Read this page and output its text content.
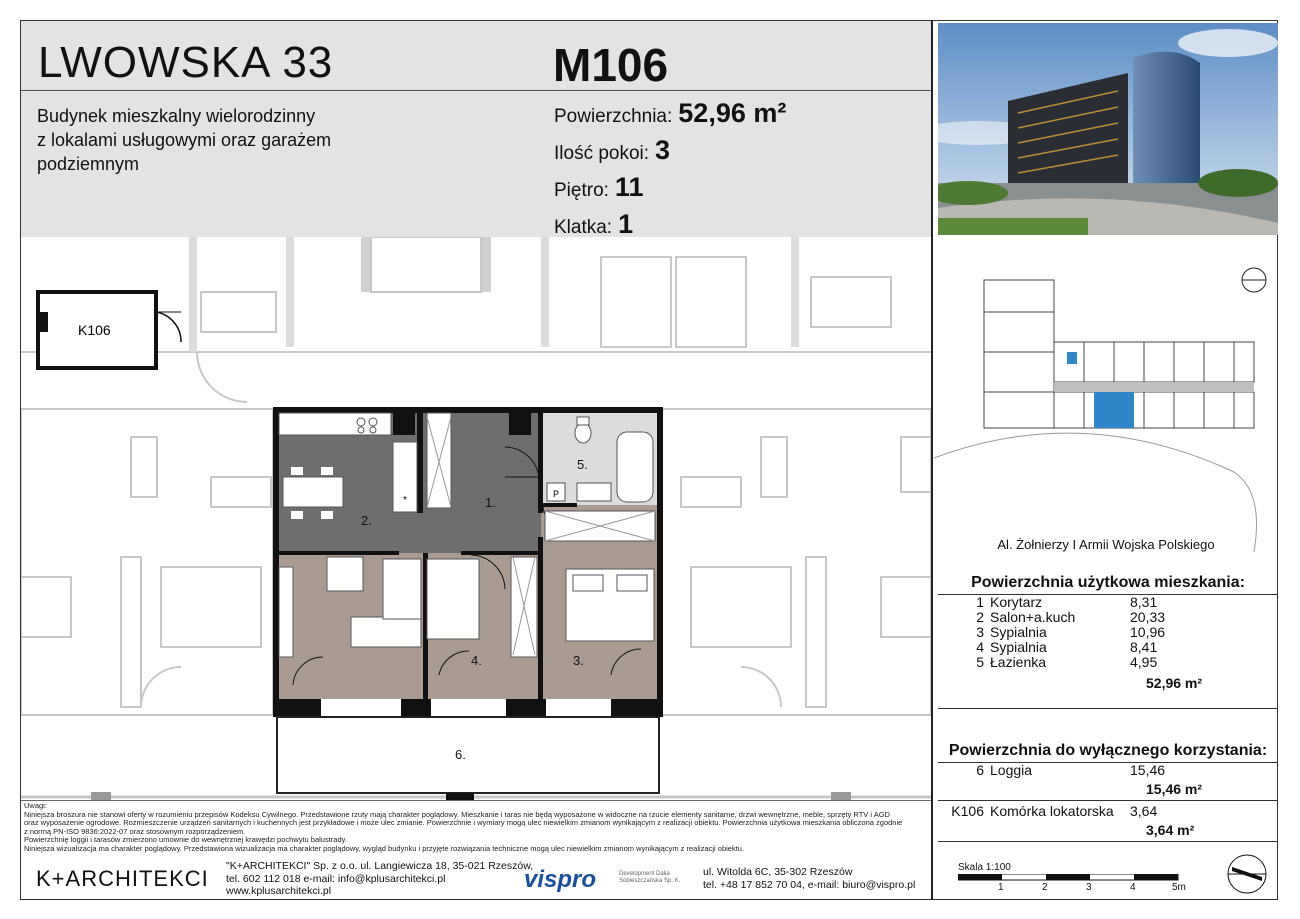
LWOWSKA 33	M106
Budynek mieszkalny wielorodzinny
z lokalami usługowymi oraz garażem
podziemnym
Powierzchnia: 52,96 m²
Ilość pokoi: 3
Piętro: 11
Klatka: 1
K106
*
P
2.
1.
5.
4.	3.
6.
Al. Żołnierzy I Armii Wojska Polskiego
Powierzchnia użytkowa mieszkania:
1 Korytarz	8,31
2 Salon+a.kuch	20,33
3 Sypialnia	10,96
4 Sypialnia	8,41
5 Łazienka	4,95
52,96 m²
Powierzchnia do wyłącznego korzystania:
6 Loggia	15,46
15,46 m²
K106 Komórka lokatorska	3,64
3,64 m²
Skala 1:100
1	2	3	4	5m
Uwagi:
Niniejsza broszura nie stanowi oferty w rozumieniu przepisów Kodeksu Cywilnego. Przedstawione rzuty mają charakter poglądowy. Mieszkanie i taras nie będą wyposażone w widoczne na rzucie elementy sanitarne, drzwi wewnętrzne, meble, sprzęty RTV i AGD
oraz wyposażenie ogrodowe. Rozmieszczenie urządzeń sanitarnych i kuchennych jest przykładowe i może ulec zmianie. Powierzchnie i wymiary mogą ulec niewielkim zmianom wynikającym z realizacji obiektu. Powierzchnia użytkowa mieszkania obliczona zgodnie
z normą PN-ISO 9836:2022-07 oraz stosownym rozporządzeniem.
Powierzchnię loggii i tarasów zmierzono umownie do wewnętrznej krawędzi pochwytu balustrady.
Niniejsza wizualizacja ma charakter poglądowy. Przedstawiona wizualizacja ma charakter poglądowy, wygląd budynku i przyjęte rozwiązania techniczne mogą ulec niewielkim zmianom wynikającym z realizacji obiektu.
K+ARCHITEKCI "K+ARCHITEKCI" Sp. z o.o. ul. Langiewicza 18, 35-021 Rzeszów,
tel. 602 112 018 e-mail: info@kplusarchitekci.pl
www.kplusarchitekci.pl	vispro	Development Dalia Sobieszczańska Sp. K.
ul. Witolda 6C, 35-302 Rzeszów
tel. +48 17 852 70 04, e-mail: biuro@vispro.pl
